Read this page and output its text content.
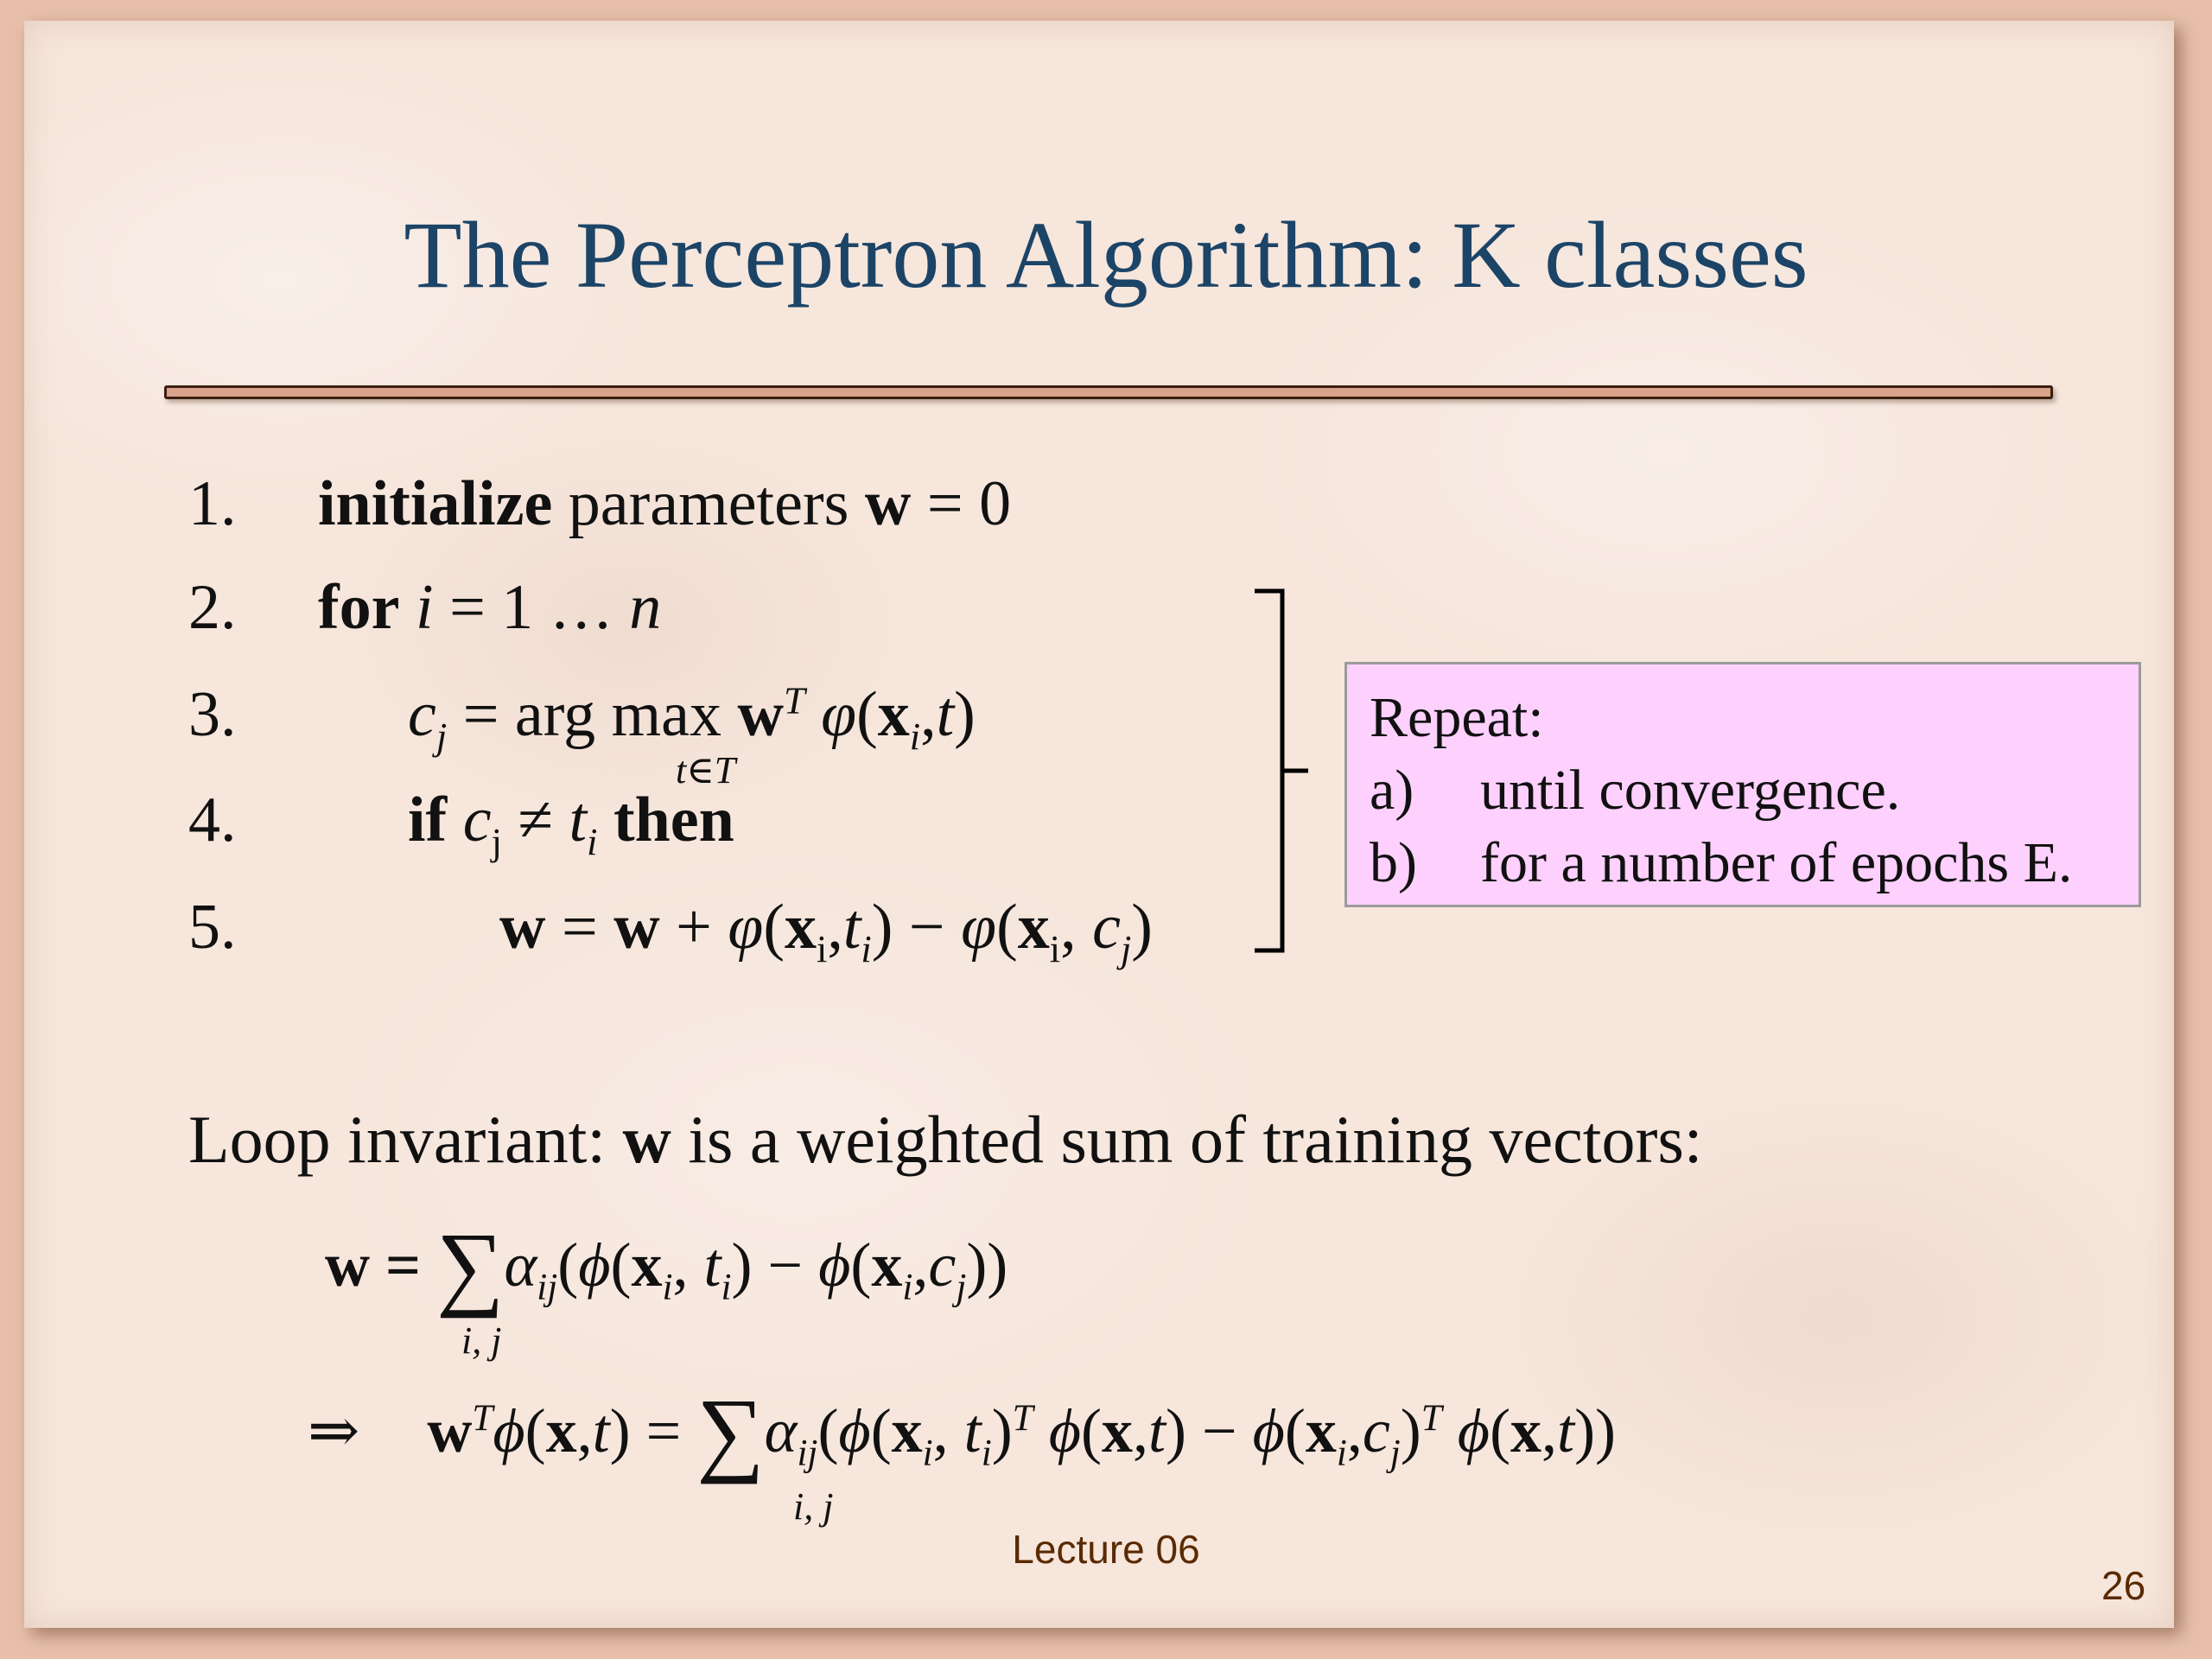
The Perceptron Algorithm: K classes
1.
2.
3.
4.
5.
initialize parameters w = 0
for i = 1 … n
$c_j$ = arg $\max w^T$ $\varphi(x_i,t)$
t∈T
if $c_j \ne t_i$ then
$w = w + \varphi(x_i,t_i) - \varphi(x_i$, $c_j$)
Repeat:
a) until convergence.
b) for a number of epochs E.
Loop invariant: w is a weighted sum of training vectors:
$w = \sum\alpha_{ij}(\phi(x_i$, $t_i) - \phi(x_i,c_j)$)
i, j
⇒ $w^T\phi(x,t) = \sum\alpha_{ij}(\phi(x_i$, $t_i)^T$ $\phi(x,t) - \phi(x_i,c_j)^T$ ϕ(x,t))
i, j
Lecture 06
26
